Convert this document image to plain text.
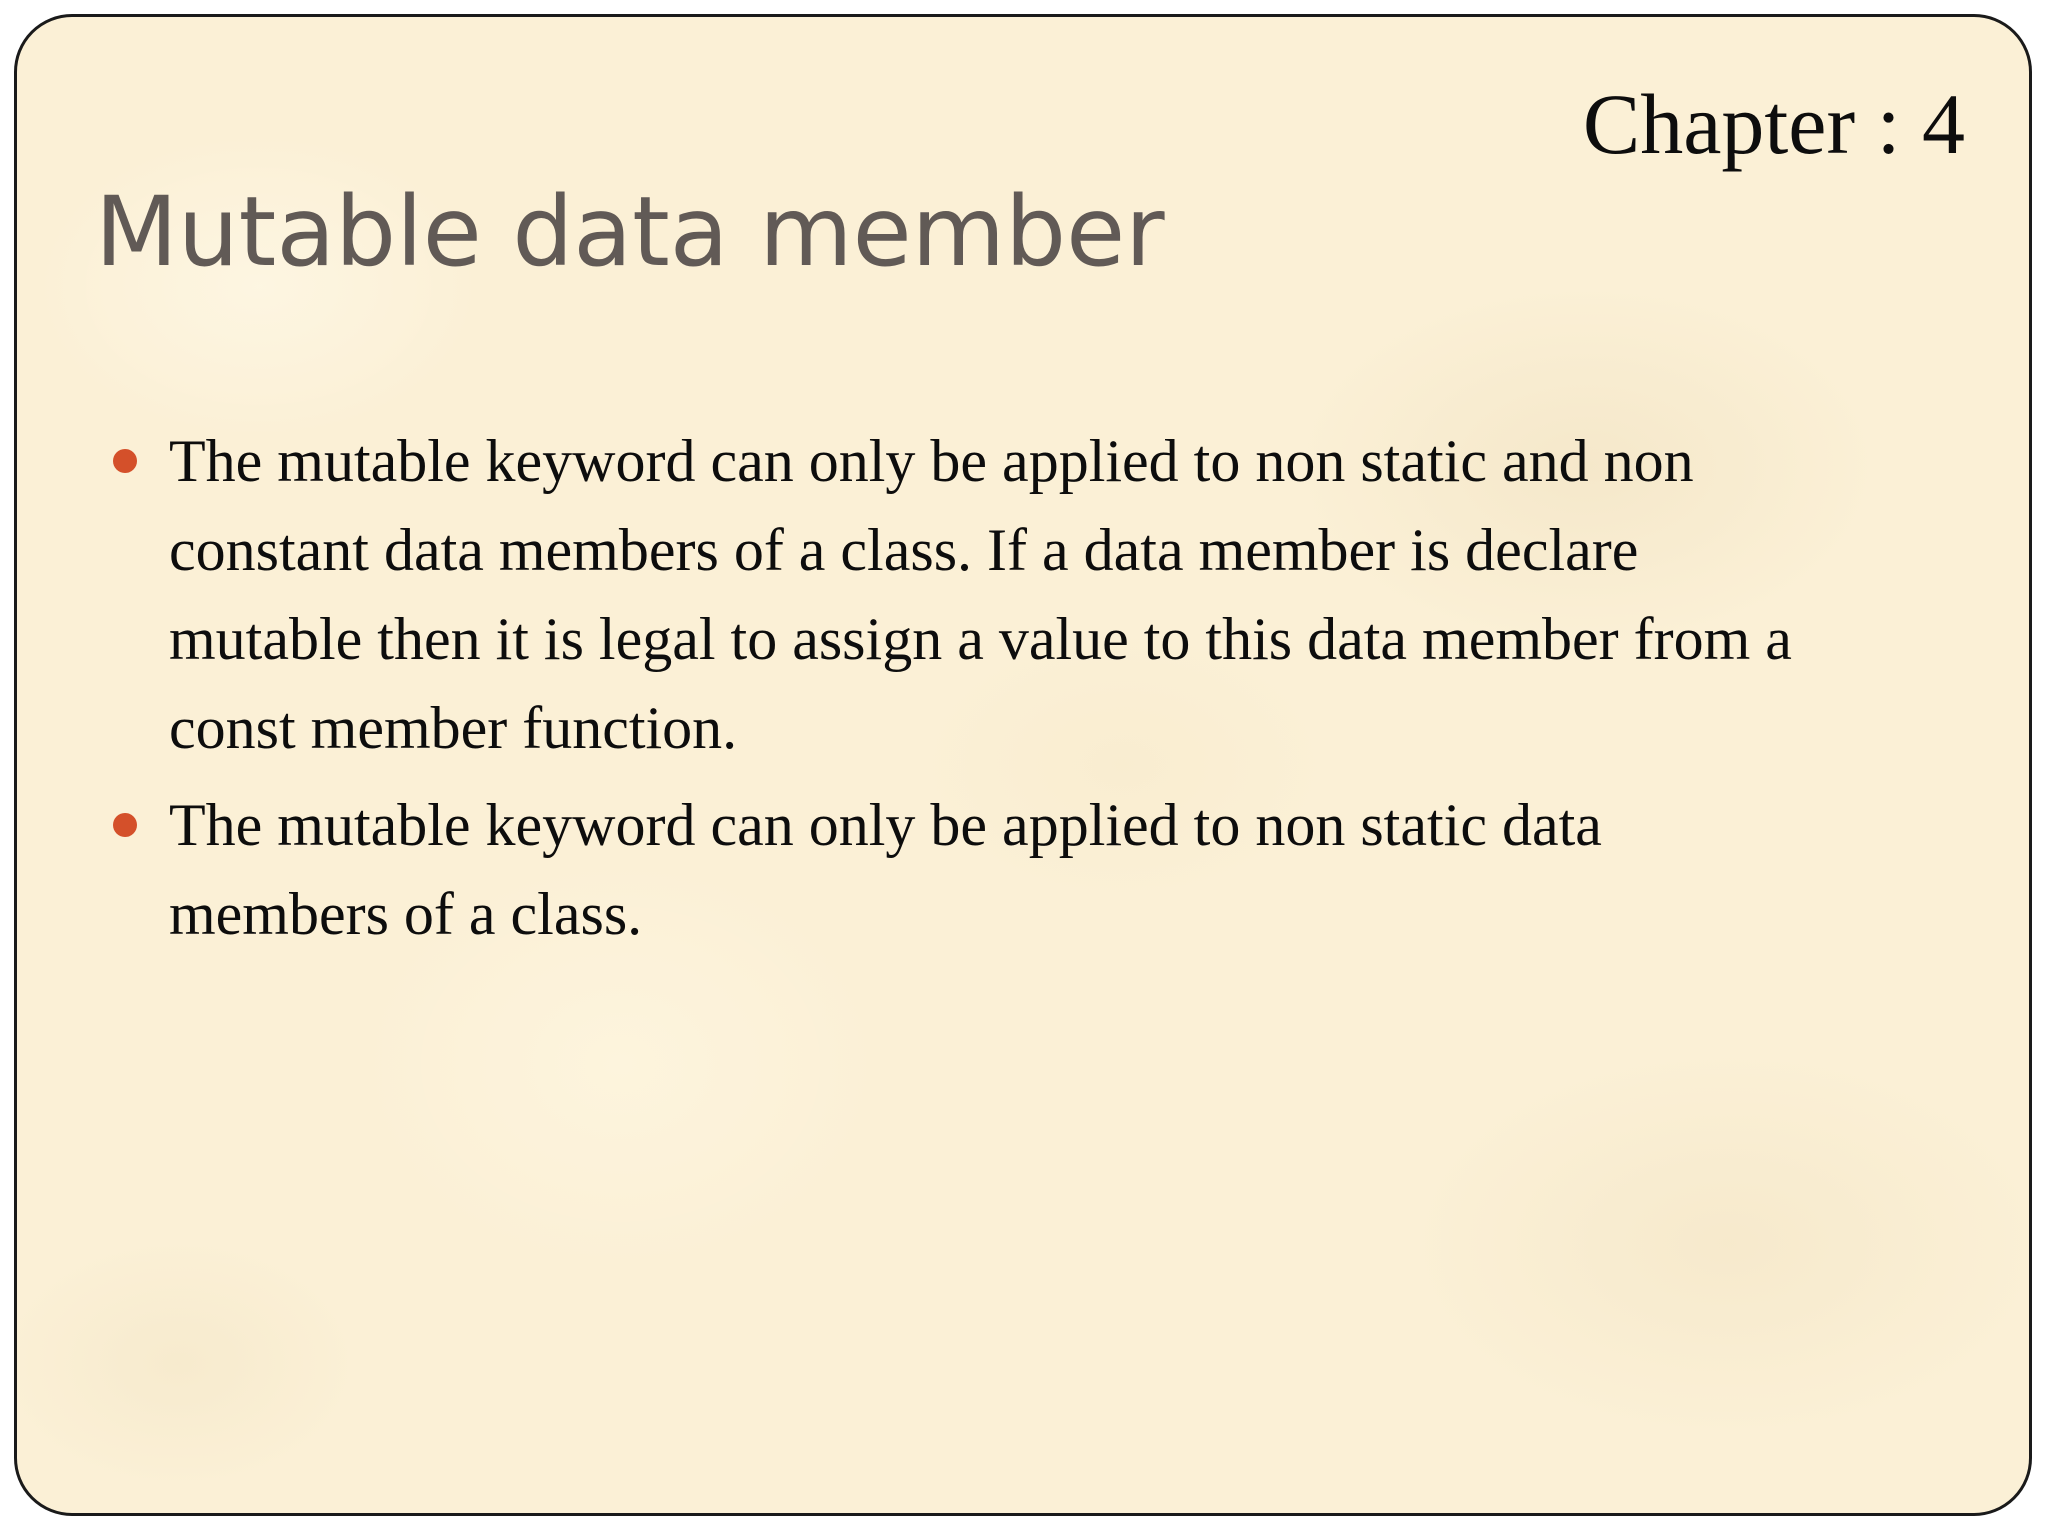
Chapter : 4
Mutable data member
The mutable keyword can only be applied to non static and non constant data members of a class. If a data member is declare mutable then it is legal to assign a value to this data member from a const member function.
The mutable keyword can only be applied to non static data members of a class.
